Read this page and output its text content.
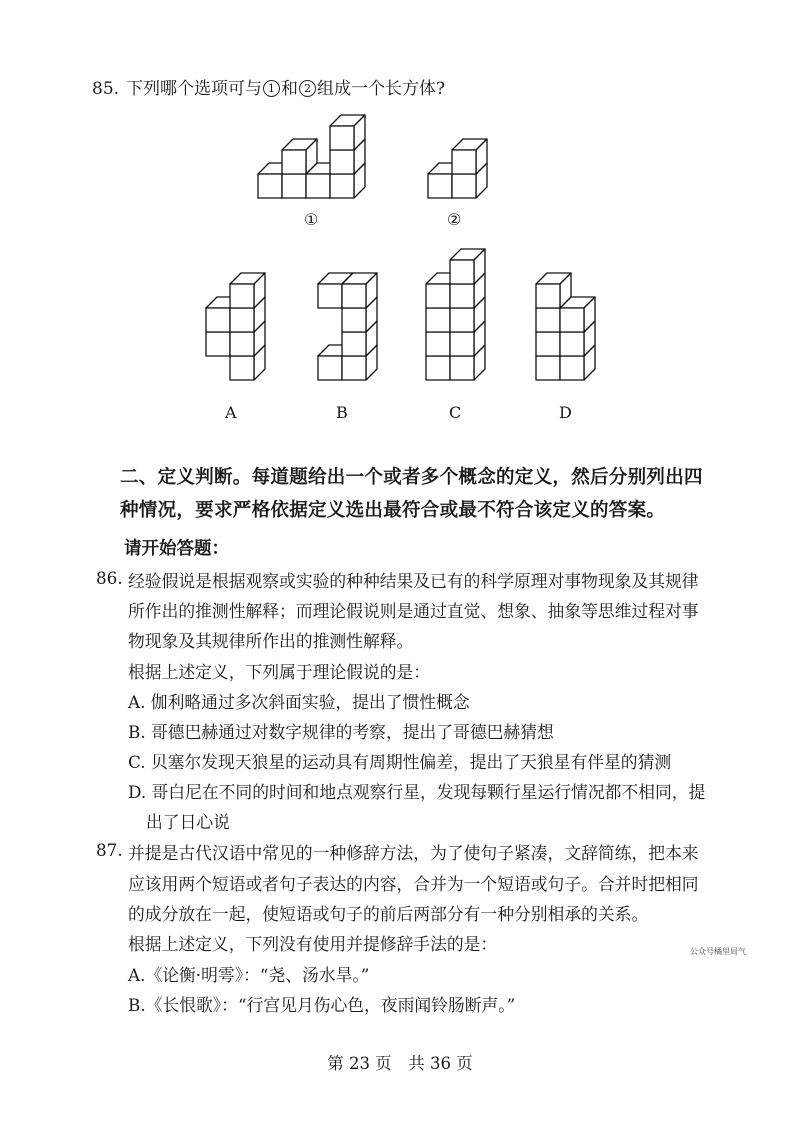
85. 下列哪个选项可与 1 和 2 组成一个长方体?
①	②
A	B	C	D
二、定义判断。每道题给出一个或者多个概念的定义，然后分别列出四
种情况，要求严格依据定义选出最符合或最不符合该定义的答案。
请开始答题：
86. 经验假说是根据观察或实验的种种结果及已有的科学原理对事物现象及其规律
所作出的推测性解释；而理论假说则是通过直觉、想象、抽象等思维过程对事
物现象及其规律所作出的推测性解释。
根据上述定义，下列属于理论假说的是：
A. 伽利略通过多次斜面实验，提出了惯性概念
B. 哥德巴赫通过对数字规律的考察，提出了哥德巴赫猜想
C. 贝塞尔发现天狼星的运动具有周期性偏差，提出了天狼星有伴星的猜测
D. 哥白尼在不同的时间和地点观察行星，发现每颗行星运行情况都不相同，提
出了日心说
87. 并提是古代汉语中常见的一种修辞方法，为了使句子紧凑，文辞简练，把本来
应该用两个短语或者句子表达的内容，合并为一个短语或句子。合并时把相同
的成分放在一起，使短语或句子的前后两部分有一种分别相承的关系。
根据上述定义，下列没有使用并提修辞手法的是：
A.《论衡·明雩》：“尧、汤水旱。”
B.《长恨歌》：“行宫见月伤心色，夜雨闻铃肠断声。”
公众号橘里局气
第 23 页　共 36 页
